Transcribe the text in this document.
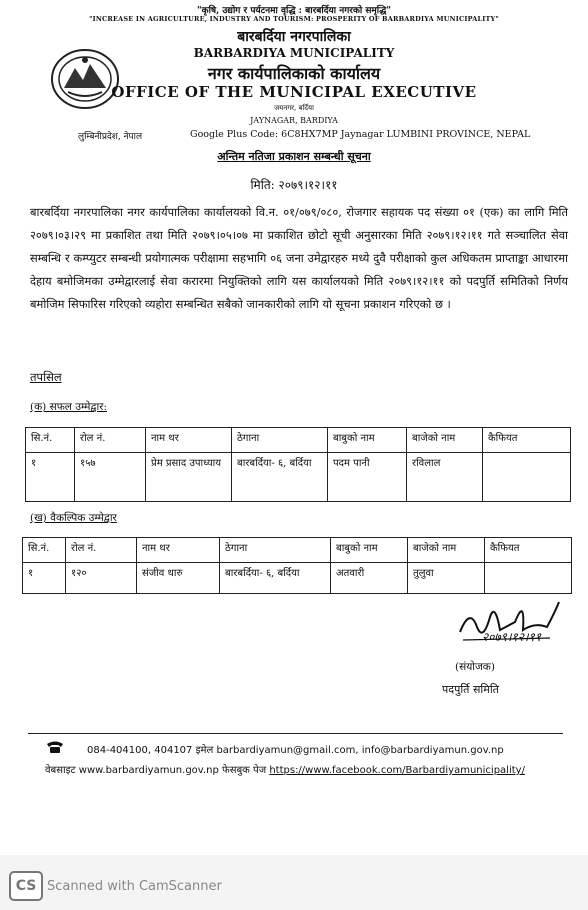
"कृषि, उद्योग र पर्यटनमा वृद्धि : बारबर्दिया नगरको समृद्धि"
"INCREASE IN AGRICULTURE, INDUSTRY AND TOURISM: PROSPERITY OF BARBARDIYA MUNICIPALITY"
बारबर्दिया नगरपालिका
BARBARDIYA MUNICIPALITY
नगर कार्यपालिकाको कार्यालय
OFFICE OF THE MUNICIPAL EXECUTIVE
जयनगर, बर्दिया
JAYNAGAR, BARDIYA
लुम्बिनीप्रदेश, नेपाल	Google Plus Code: 6C8HX7MP Jaynagar LUMBINI PROVINCE, NEPAL
अन्तिम नतिजा प्रकाशन सम्बन्धी सूचना
मिति: २०७९।१२।११
बारबर्दिया नगरपालिका नगर कार्यपालिका कार्यालयको वि.न. ०१/०७९/०८०, रोजगार सहायक पद संख्या ०१ (एक) का लागि मिति २०७९।०३।२९ मा प्रकाशित तथा मिति २०७९।०५।०७ मा प्रकाशित छोटो सूची अनुसारका मिति २०७९।१२।११ गते सञ्चालित सेवा सम्बन्धि र कम्प्युटर सम्बन्धी प्रयोगात्मक परीक्षामा सहभागि ०६ जना उमेद्वारहरु मध्ये दुवै परीक्षाको कुल अधिकतम प्राप्ताङ्का आधारमा देहाय बमोजिमका उम्मेद्वारलाई सेवा करारमा नियुक्तिको लागि यस कार्यालयको मिति २०७९।१२।११ को पदपुर्ति समितिको निर्णय बमोजिम सिफारिस गरिएको व्यहोरा सम्बन्धित सबैको जानकारीको लागि यो सूचना प्रकाशन गरिएको छ ।
तपसिल
(क) सफल उम्मेद्वार:
सि.नं.	रोल नं.	नाम थर	ठेगाना	बाबुको नाम	बाजेको नाम	कैफियत
१	१५७	प्रेम प्रसाद उपाध्याय	बारबर्दिया- ६, बर्दिया	पदम पानी	रविलाल	
(ख) वैकल्पिक उम्मेद्वार
सि.नं.	रोल नं.	नाम थर	ठेगाना	बाबुको नाम	बाजेको नाम	कैफियत
१	१२०	संजीव थारु	बारबर्दिया- ६, बर्दिया	अतवारी	तुलुवा	
२०७९।१२।११
(संयोजक)
पदपुर्ति समिति
084-404100, 404107 इमेल barbardiyamun@gmail.com, info@barbardiyamun.gov.np
वेबसाइट www.barbardiyamun.gov.np फेसबुक पेज https://www.facebook.com/Barbardiyamunicipality/
CS Scanned with CamScanner
